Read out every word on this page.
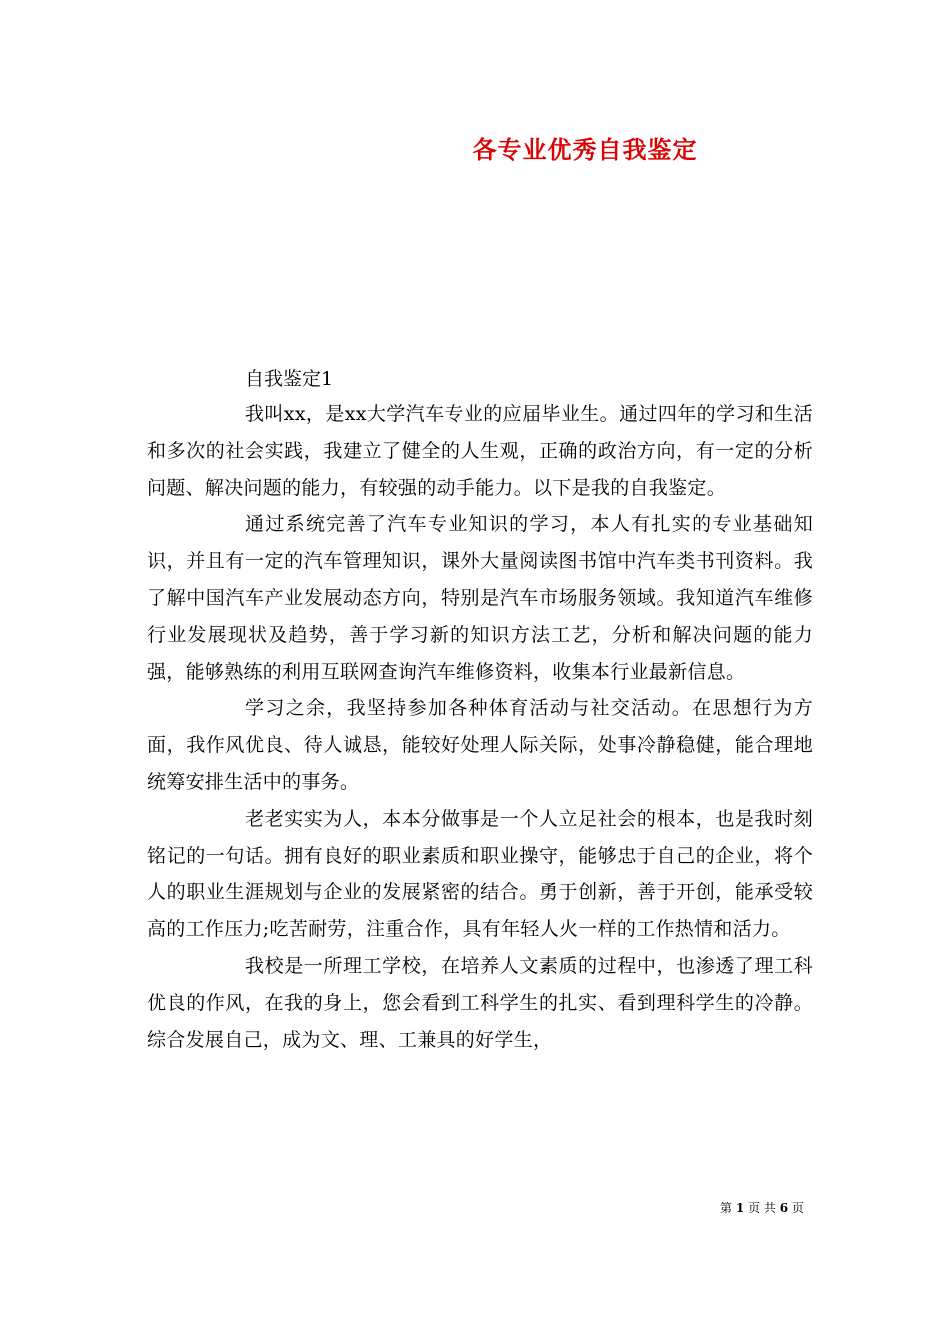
各专业优秀自我鉴定
自我鉴定1

我叫xx，是xx大学汽车专业的应届毕业生。通过四年的学习和生活和多次的社会实践，我建立了健全的人生观，正确的政治方向，有一定的分析问题、解决问题的能力，有较强的动手能力。以下是我的自我鉴定。

通过系统完善了汽车专业知识的学习，本人有扎实的专业基础知识，并且有一定的汽车管理知识，课外大量阅读图书馆中汽车类书刊资料。我了解中国汽车产业发展动态方向，特别是汽车市场服务领域。我知道汽车维修行业发展现状及趋势，善于学习新的知识方法工艺，分析和解决问题的能力强，能够熟练的利用互联网查询汽车维修资料，收集本行业最新信息。

学习之余，我坚持参加各种体育活动与社交活动。在思想行为方面，我作风优良、待人诚恳，能较好处理人际关际，处事冷静稳健，能合理地统筹安排生活中的事务。

老老实实为人，本本分做事是一个人立足社会的根本，也是我时刻铭记的一句话。拥有良好的职业素质和职业操守，能够忠于自己的企业，将个人的职业生涯规划与企业的发展紧密的结合。勇于创新，善于开创，能承受较高的工作压力;吃苦耐劳，注重合作，具有年轻人火一样的工作热情和活力。

我校是一所理工学校，在培养人文素质的过程中，也渗透了理工科优良的作风，在我的身上，您会看到工科学生的扎实、看到理科学生的冷静。综合发展自己，成为文、理、工兼具的好学生，

第 1 页 共 6 页
